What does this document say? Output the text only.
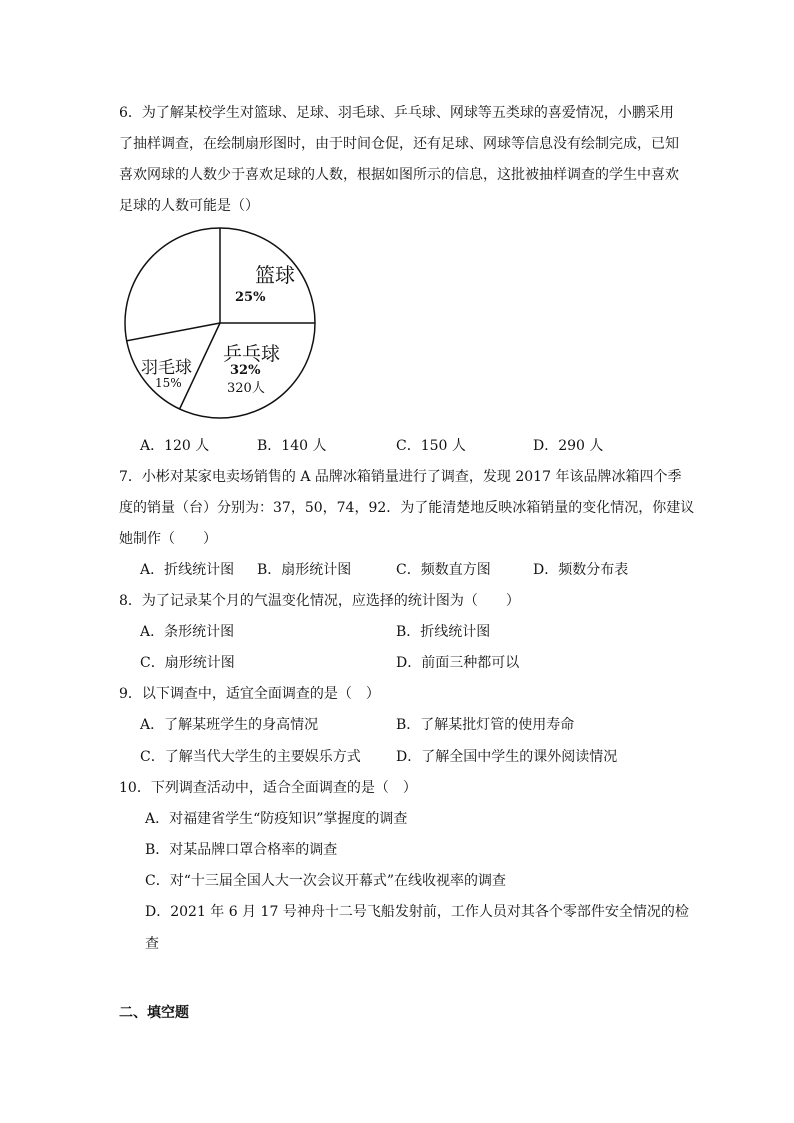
6．为了解某校学生对篮球、足球、羽毛球、乒乓球、网球等五类球的喜爱情况，小鹏采用
了抽样调查，在绘制扇形图时，由于时间仓促，还有足球、网球等信息没有绘制完成，已知
喜欢网球的人数少于喜欢足球的人数，根据如图所示的信息，这批被抽样调查的学生中喜欢
足球的人数可能是（）
篮球
25%
乒乓球
32%
320人
羽毛球
15%
A．120 人	B．140 人	C．150 人	D．290 人
7．小彬对某家电卖场销售的 A 品牌冰箱销量进行了调查，发现 2017 年该品牌冰箱四个季
度的销量（台）分别为：37，50，74，92．为了能清楚地反映冰箱销量的变化情况，你建议
她制作（　　）
A．折线统计图 B．扇形统计图	C．频数直方图	D．频数分布表
8．为了记录某个月的气温变化情况，应选择的统计图为（　　）
A．条形统计图	B．折线统计图
C．扇形统计图	D．前面三种都可以
9．以下调查中，适宜全面调查的是（　）
A．了解某班学生的身高情况	B．了解某批灯管的使用寿命
C．了解当代大学生的主要娱乐方式	D．了解全国中学生的课外阅读情况
10．下列调查活动中，适合全面调查的是（　）
A．对福建省学生“防疫知识”掌握度的调查
B．对某品牌口罩合格率的调查
C．对“十三届全国人大一次会议开幕式”在线收视率的调查
D．2021 年 6 月 17 号神舟十二号飞船发射前，工作人员对其各个零部件安全情况的检
查
二、填空题
